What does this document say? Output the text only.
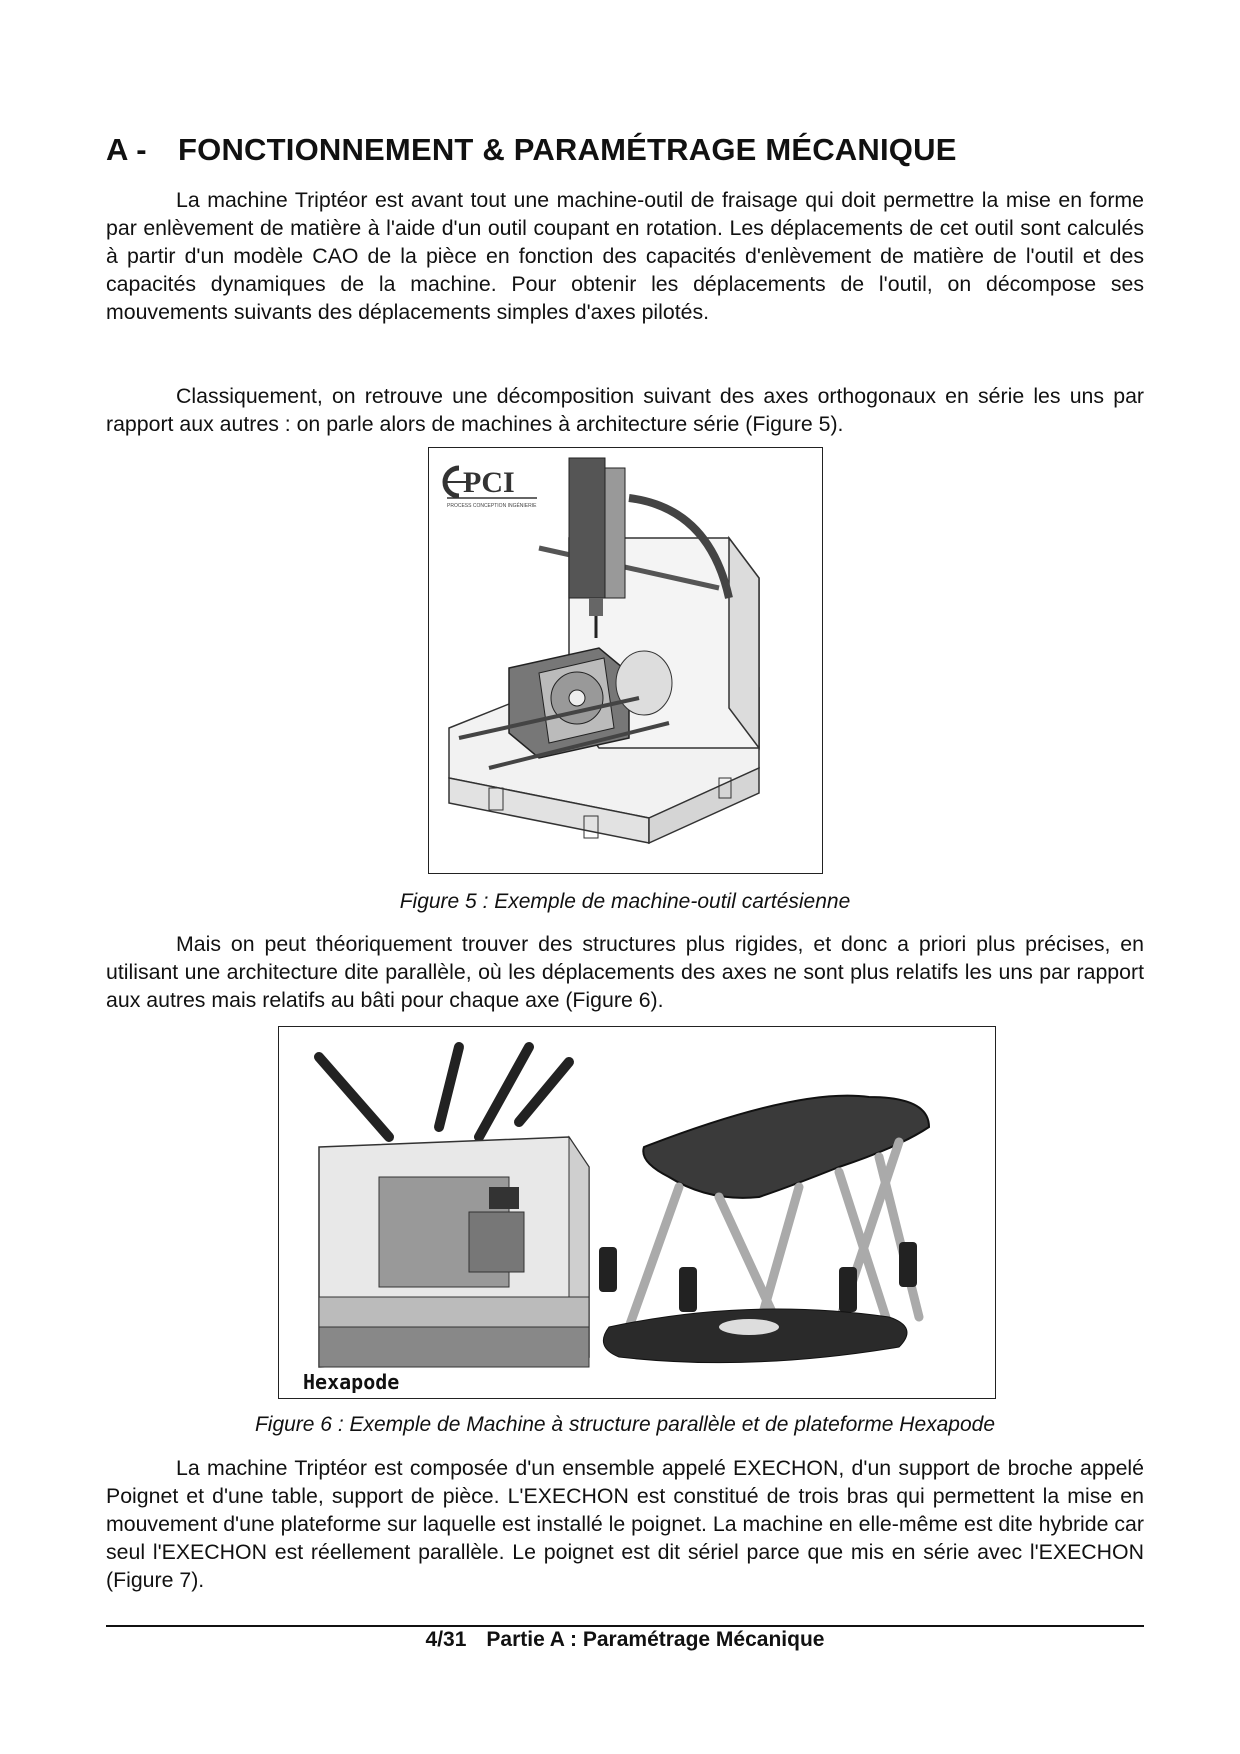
A - FONCTIONNEMENT & PARAMÉTRAGE MÉCANIQUE

La machine Triptéor est avant tout une machine-outil de fraisage qui doit permettre la mise en forme par enlèvement de matière à l'aide d'un outil coupant en rotation. Les déplacements de cet outil sont calculés à partir d'un modèle CAO de la pièce en fonction des capacités d'enlèvement de matière de l'outil et des capacités dynamiques de la machine. Pour obtenir les déplacements de l'outil, on décompose ses mouvements suivants des déplacements simples d'axes pilotés.

Classiquement, on retrouve une décomposition suivant des axes orthogonaux en série les uns par rapport aux autres : on parle alors de machines à architecture série (Figure 5).

PCI
PROCESS CONCEPTION INGÉNIERIE
Figure 5 : Exemple de machine-outil cartésienne

Mais on peut théoriquement trouver des structures plus rigides, et donc a priori plus précises, en utilisant une architecture dite parallèle, où les déplacements des axes ne sont plus relatifs les uns par rapport aux autres mais relatifs au bâti pour chaque axe (Figure 6).

Hexapode
Figure 6 : Exemple de Machine à structure parallèle et de plateforme Hexapode

La machine Triptéor est composée d'un ensemble appelé EXECHON, d'un support de broche appelé Poignet et d'une table, support de pièce. L'EXECHON est constitué de trois bras qui permettent la mise en mouvement d'une plateforme sur laquelle est installé le poignet. La machine en elle-même est dite hybride car seul l'EXECHON est réellement parallèle. Le poignet est dit sériel parce que mis en série avec l'EXECHON (Figure 7).

4/31 Partie A : Paramétrage Mécanique
